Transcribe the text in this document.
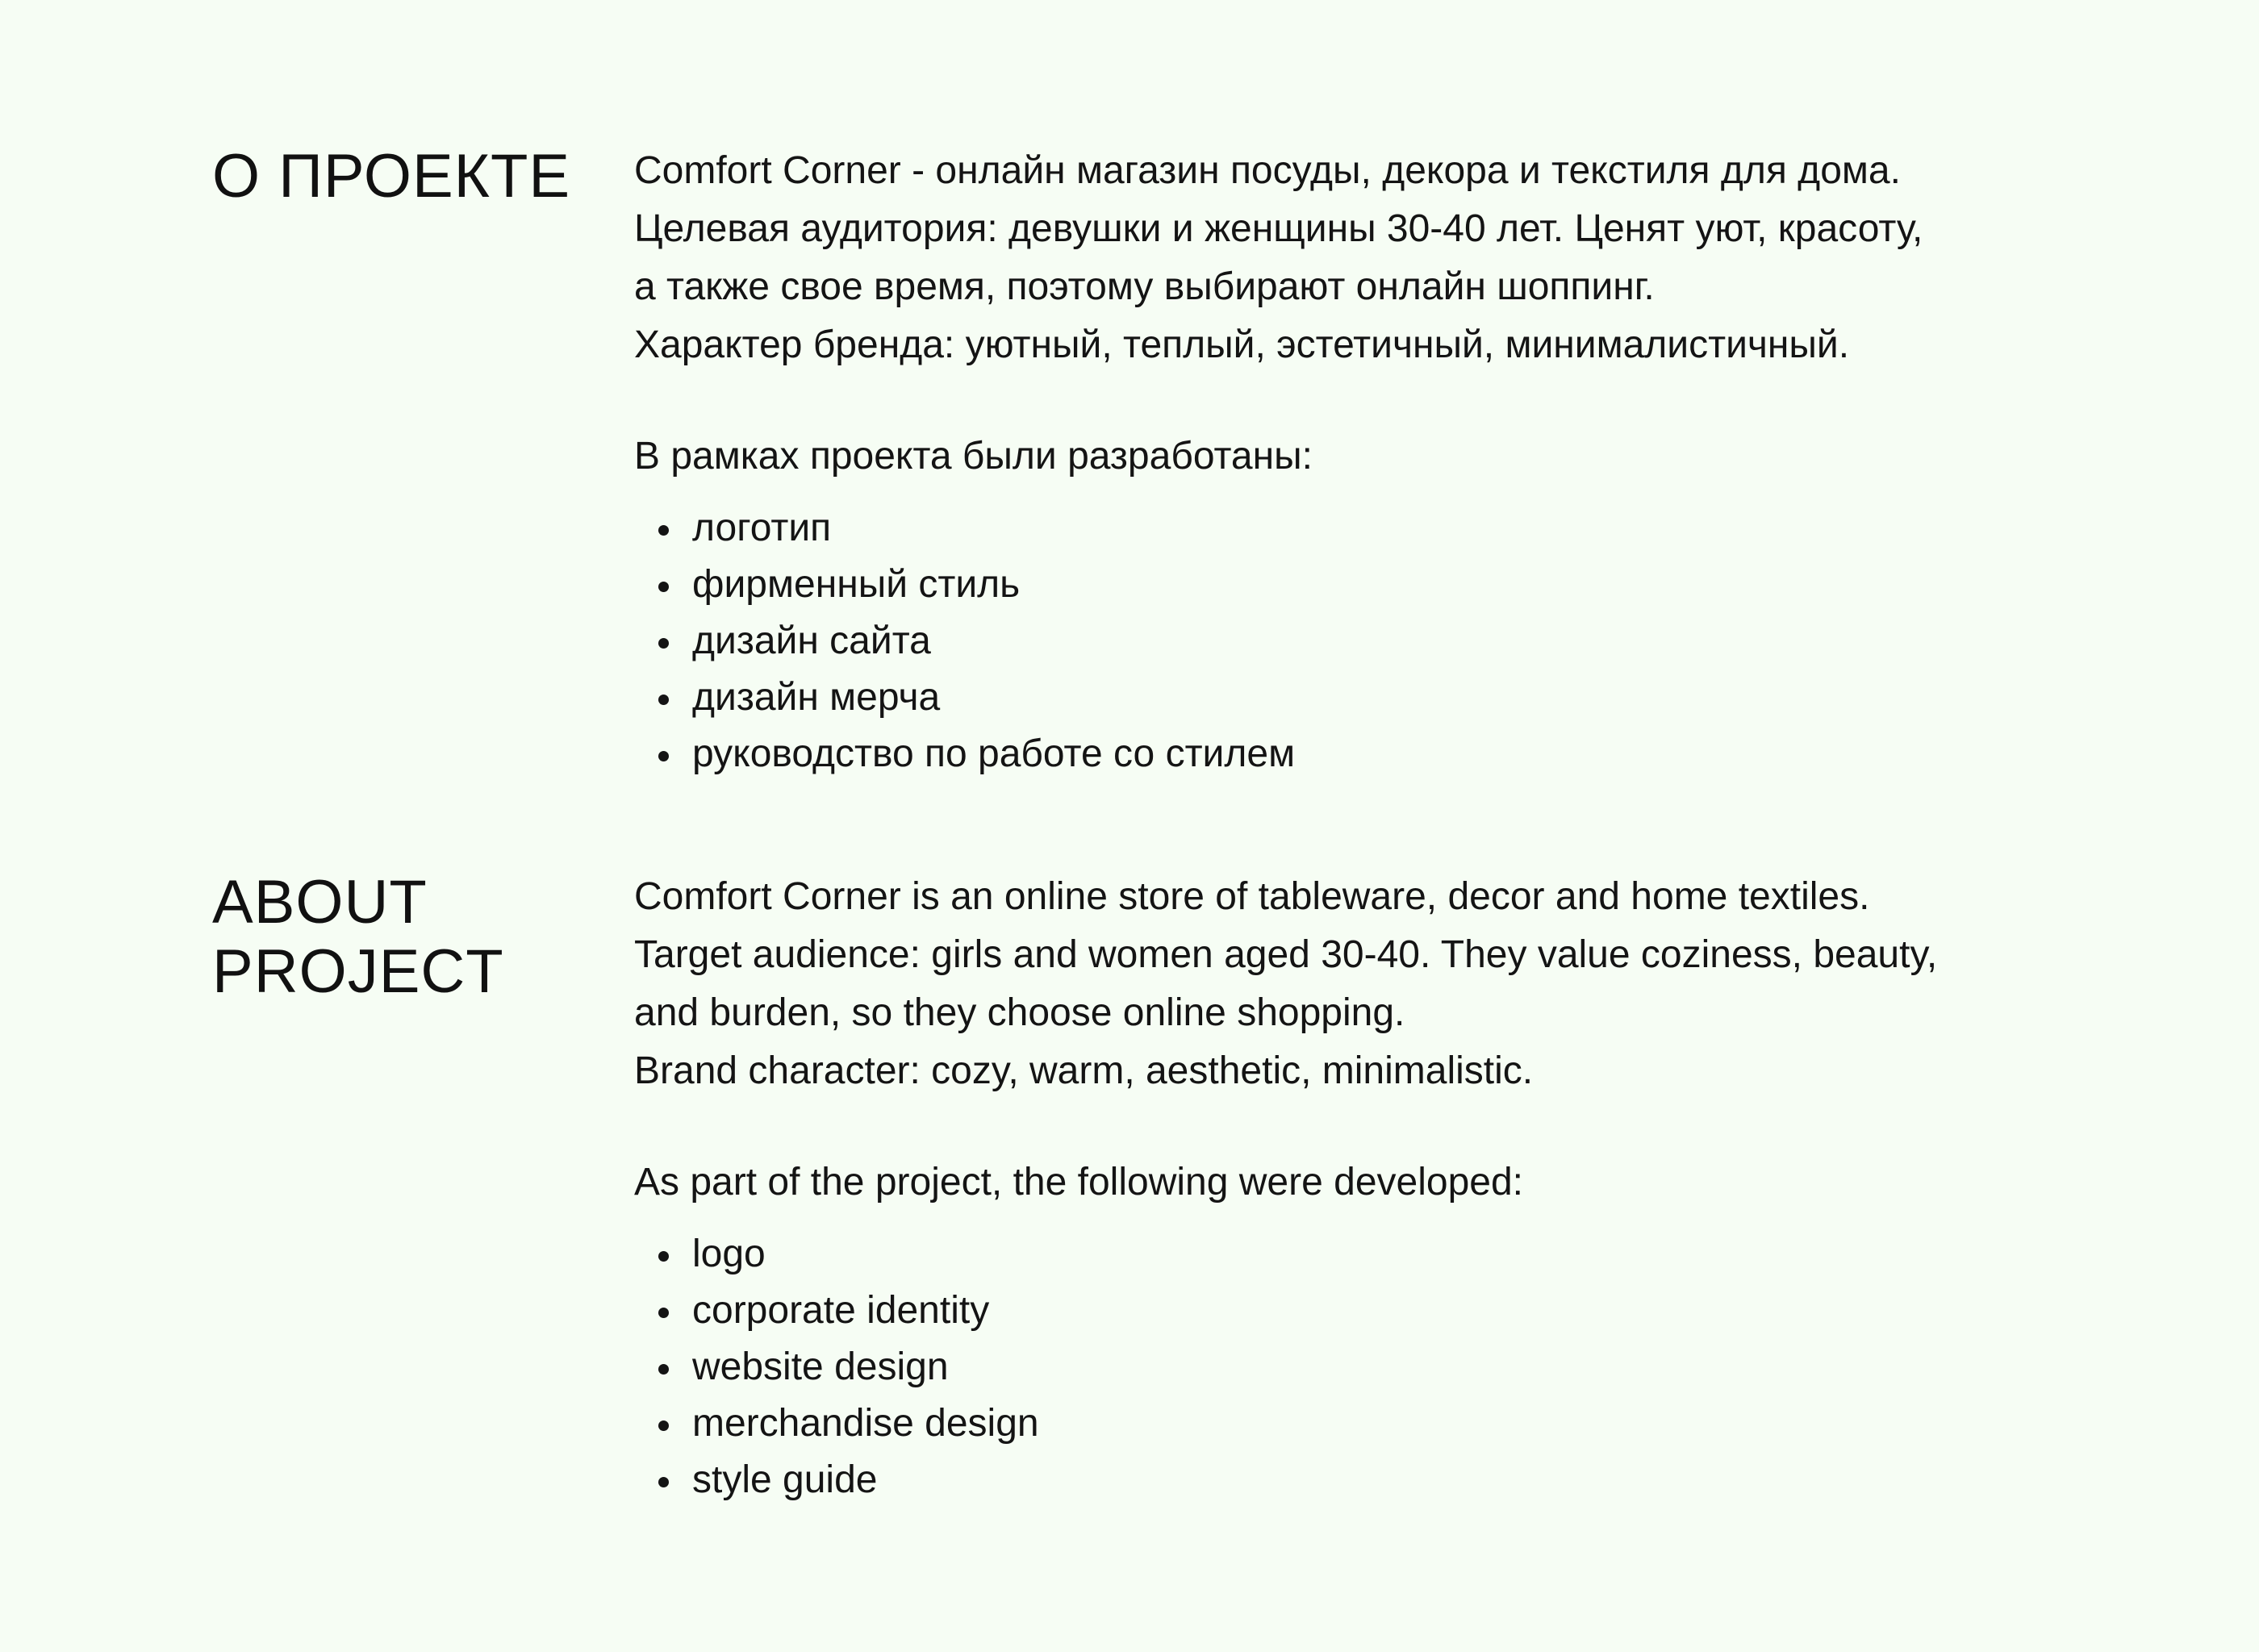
О ПРОЕКТЕ	Comfort Corner - онлайн магазин посуды, декора и текстиля для дома.
Целевая аудитория: девушки и женщины 30-40 лет. Ценят уют, красоту,
а также свое время, поэтому выбирают онлайн шоппинг.
Характер бренда: уютный, теплый, эстетичный, минималистичный.

В рамках проекта были разработаны:

логотип
фирменный стиль
дизайн сайта
дизайн мерча
руководство по работе со стилем
ABOUT
PROJECT

Comfort Corner is an online store of tableware, decor and home textiles.
Target audience: girls and women aged 30-40. They value coziness, beauty,
and burden, so they choose online shopping.
Brand character: cozy, warm, aesthetic, minimalistic.

As part of the project, the following were developed:

logo
corporate identity
website design
merchandise design
style guide
